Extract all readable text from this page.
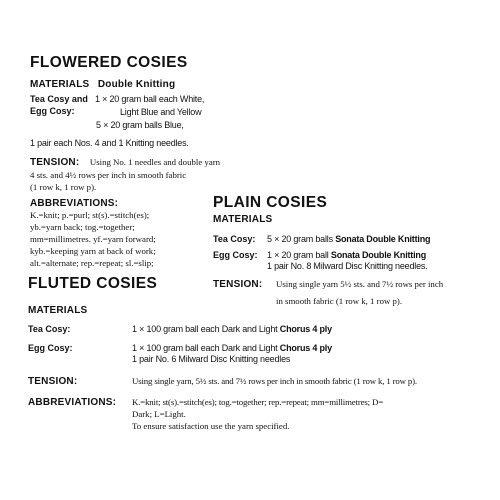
FLOWERED COSIES
MATERIALS Double Knitting
Tea Cosy and
Egg Cosy:
1 × 20 gram ball each White,
Light Blue and Yellow
5 × 20 gram balls Blue,
1 pair each Nos. 4 and 1 Knitting needles.
TENSION: Using No. 1 needles and double yarn
4 sts. and 4½ rows per inch in smooth fabric
(1 row k, 1 row p).
ABBREVIATIONS:
K.=knit; p.=purl; st(s).=stitch(es);
yb.=yarn back; tog.=together;
mm=millimetres. yf.=yarn forward;
kyb.=keeping yarn at back of work;
alt.=alternate; rep.=repeat; sl.=slip;
PLAIN COSIES
MATERIALS
Tea Cosy: 5 × 20 gram balls Sonata Double Knitting
Egg Cosy: 1 × 20 gram ball Sonata Double Knitting
1 pair No. 8 Milward Disc Knitting needles.
TENSION: Using single yarn 5½ sts. and 7½ rows per inch
in smooth fabric (1 row k, 1 row p).
FLUTED COSIES
MATERIALS
Tea Cosy:	1 × 100 gram ball each Dark and Light Chorus 4 ply
Egg Cosy:	1 × 100 gram ball each Dark and Light Chorus 4 ply
1 pair No. 6 Milward Disc Knitting needles
TENSION:	Using single yarn, 5½ sts. and 7½ rows per inch in smooth fabric (1 row k, 1 row p).
ABBREVIATIONS: K.=knit; st(s).=stitch(es); tog.=together; rep.=repeat; mm=millimetres; D=
Dark; L=Light.
To ensure satisfaction use the yarn specified.
